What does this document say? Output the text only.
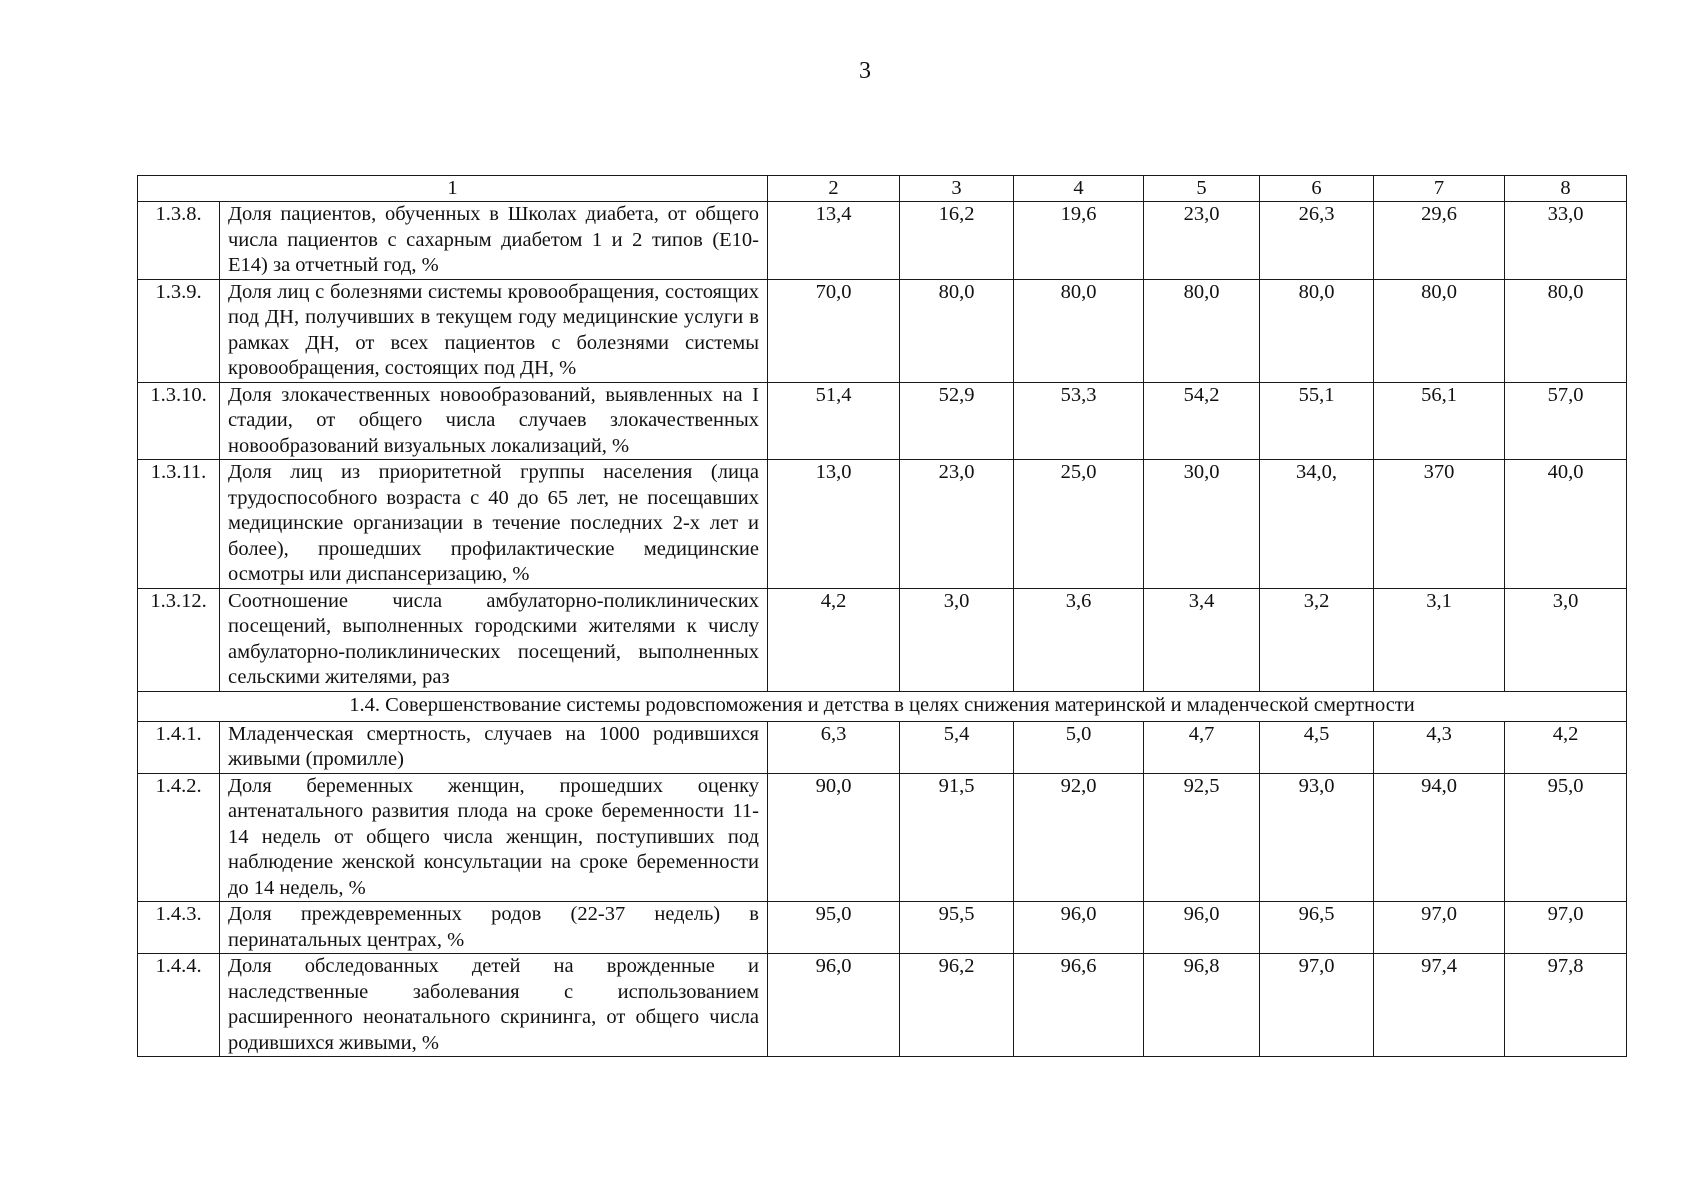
3
1		2	3	4	5	6	7	8
1.3.8.	Доля пациентов, обученных в Школах диабета, от общего числа пациентов с сахарным диабетом 1 и 2 типов (Е10-Е14) за отчетный год, %	13,4	16,2	19,6	23,0	26,3	29,6	33,0
1.3.9.	Доля лиц с болезнями системы кровообращения, состоящих под ДН, получивших в текущем году медицинские услуги в рамках ДН, от всех пациентов с болезнями системы кровообращения, состоящих под ДН, %	70,0	80,0	80,0	80,0	80,0	80,0	80,0
1.3.10.	Доля злокачественных новообразований, выявленных на I стадии, от общего числа случаев злокачественных новообразований визуальных локализаций, %	51,4	52,9	53,3	54,2	55,1	56,1	57,0
1.3.11.	Доля лиц из приоритетной группы населения (лица трудоспособного возраста с 40 до 65 лет, не посещавших медицинские организации в течение последних 2-х лет и более), прошедших профилактические медицинские осмотры или диспансеризацию, %	13,0	23,0	25,0	30,0	34,0,	370	40,0
1.3.12.	Соотношение числа амбулаторно-поликлинических посещений, выполненных городскими жителями к числу амбулаторно-поликлинических посещений, выполненных сельскими жителями, раз	4,2	3,0	3,6	3,4	3,2	3,1	3,0
1.4. Совершенствование системы родовспоможения и детства в целях снижения материнской и младенческой смертности								
1.4.1.	Младенческая смертность, случаев на 1000 родившихся живыми (промилле)	6,3	5,4	5,0	4,7	4,5	4,3	4,2
1.4.2.	Доля беременных женщин, прошедших оценку антенатального развития плода на сроке беременности 11-14 недель от общего числа женщин, поступивших под наблюдение женской консультации на сроке беременности до 14 недель, %	90,0	91,5	92,0	92,5	93,0	94,0	95,0
1.4.3.	Доля преждевременных родов (22-37 недель) в перинатальных центрах, %	95,0	95,5	96,0	96,0	96,5	97,0	97,0
1.4.4.	Доля обследованных детей на врожденные и наследственные заболевания с использованием расширенного неонатального скрининга, от общего числа родившихся живыми, %	96,0	96,2	96,6	96,8	97,0	97,4	97,8
